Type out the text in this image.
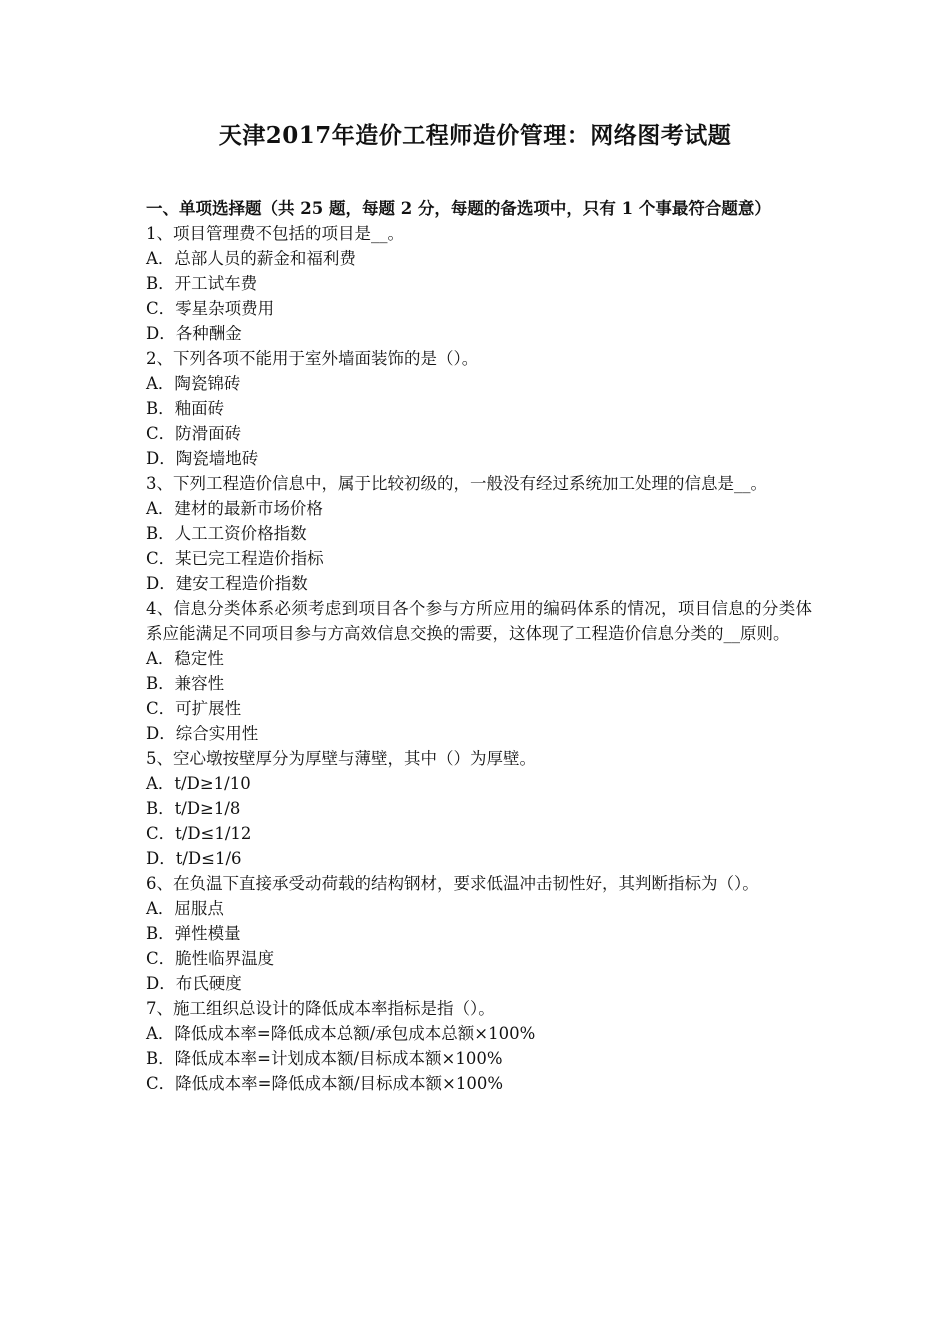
天津2017年造价工程师造价管理：网络图考试题
一、单项选择题（共 25 题，每题 2 分，每题的备选项中，只有 1 个事最符合题意）
1、项目管理费不包括的项目是__。
A．总部人员的薪金和福利费
B．开工试车费
C．零星杂项费用
D．各种酬金
2、下列各项不能用于室外墙面装饰的是（）。
A．陶瓷锦砖
B．釉面砖
C．防滑面砖
D．陶瓷墙地砖
3、下列工程造价信息中，属于比较初级的，一般没有经过系统加工处理的信息是__。
A．建材的最新市场价格
B．人工工资价格指数
C．某已完工程造价指标
D．建安工程造价指数
4、信息分类体系必须考虑到项目各个参与方所应用的编码体系的情况，项目信息的分类体系应能满足不同项目参与方高效信息交换的需要，这体现了工程造价信息分类的__原则。
A．稳定性
B．兼容性
C．可扩展性
D．综合实用性
5、空心墩按壁厚分为厚壁与薄壁，其中（）为厚壁。
A．t/D≥1/10
B．t/D≥1/8
C．t/D≤1/12
D．t/D≤1/6
6、在负温下直接承受动荷载的结构钢材，要求低温冲击韧性好，其判断指标为（）。
A．屈服点
B．弹性模量
C．脆性临界温度
D．布氏硬度
7、施工组织总设计的降低成本率指标是指（）。
A．降低成本率=降低成本总额/承包成本总额×100%
B．降低成本率=计划成本额/目标成本额×100%
C．降低成本率=降低成本额/目标成本额×100%
